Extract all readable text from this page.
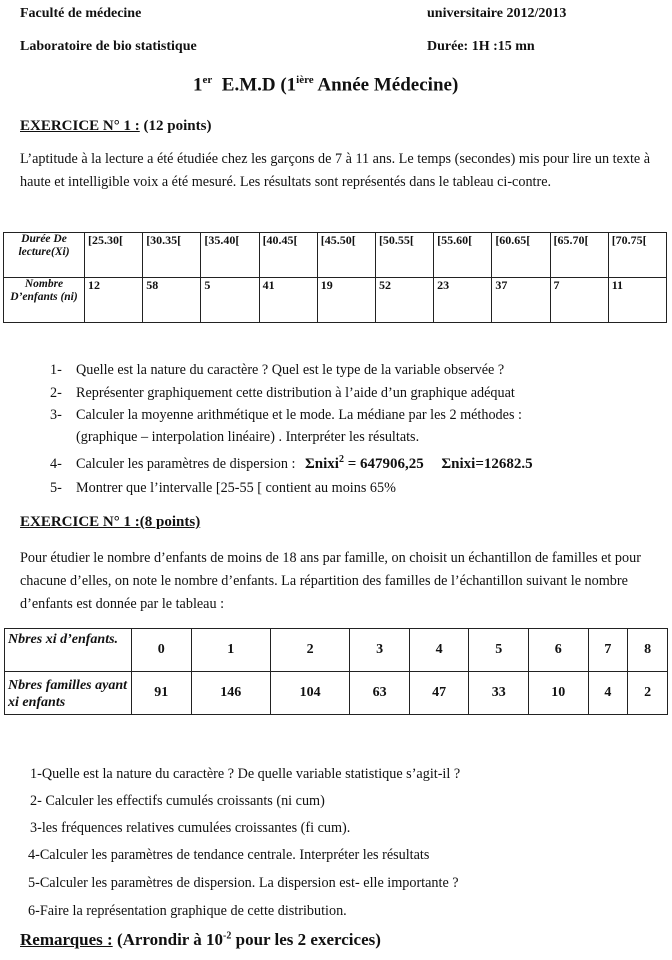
Faculté de médecine	universitaire 2012/2013
Laboratoire de bio statistique	Durée: 1H :15 mn
1er E.M.D ($1^{ière}$ Année Médecine)
EXERCICE N° 1 : (12 points)
L’aptitude à la lecture a été étudiée chez les garçons de 7 à 11 ans. Le temps (secondes) mis pour lire un texte à haute et intelligible voix a été mesuré. Les résultats sont représentés dans le tableau ci-contre.
Durée De lecture(Xi)	[25.30[	[30.35[	[35.40[	[40.45[	[45.50[	[50.55[	[55.60[	[60.65[	[65.70[	[70.75[
Nombre D’enfants (ni)	12	58	5	41	19	52	23	37	7	11
1- Quelle est la nature du caractère ? Quel est le type de la variable observée ?
2- Représenter graphiquement cette distribution à l’aide d’un graphique adéquat
3- Calculer la moyenne arithmétique et le mode. La médiane par les 2 méthodes :
(graphique – interpolation linéaire) . Interpréter les résultats.
4- Calculer les paramètres de dispersion : Σnixi$^2$ = 647906,25 Σnixi=12682.5
5- Montrer que l’intervalle [25-55 [ contient au moins 65%
EXERCICE N° 1 :(8 points)
Pour étudier le nombre d’enfants de moins de 18 ans par famille, on choisit un échantillon de familles et pour chacune d’elles, on note le nombre d’enfants. La répartition des familles de l’échantillon suivant le nombre d’enfants est donnée par le tableau :
Nbres xi d’enfants.	0	1	2	3	4	5	6	7	8
Nbres familles ayant xi enfants	91	146	104	63	47	33	10	4	2
1-Quelle est la nature du caractère ? De quelle variable statistique s’agit-il ?
2- Calculer les effectifs cumulés croissants (ni cum)
3-les fréquences relatives cumulées croissantes (fi cum).
4-Calculer les paramètres de tendance centrale. Interpréter les résultats
5-Calculer les paramètres de dispersion. La dispersion est- elle importante ?
6-Faire la représentation graphique de cette distribution.
Remarques : (Arrondir à $10^{-2}$ pour les 2 exercices)
